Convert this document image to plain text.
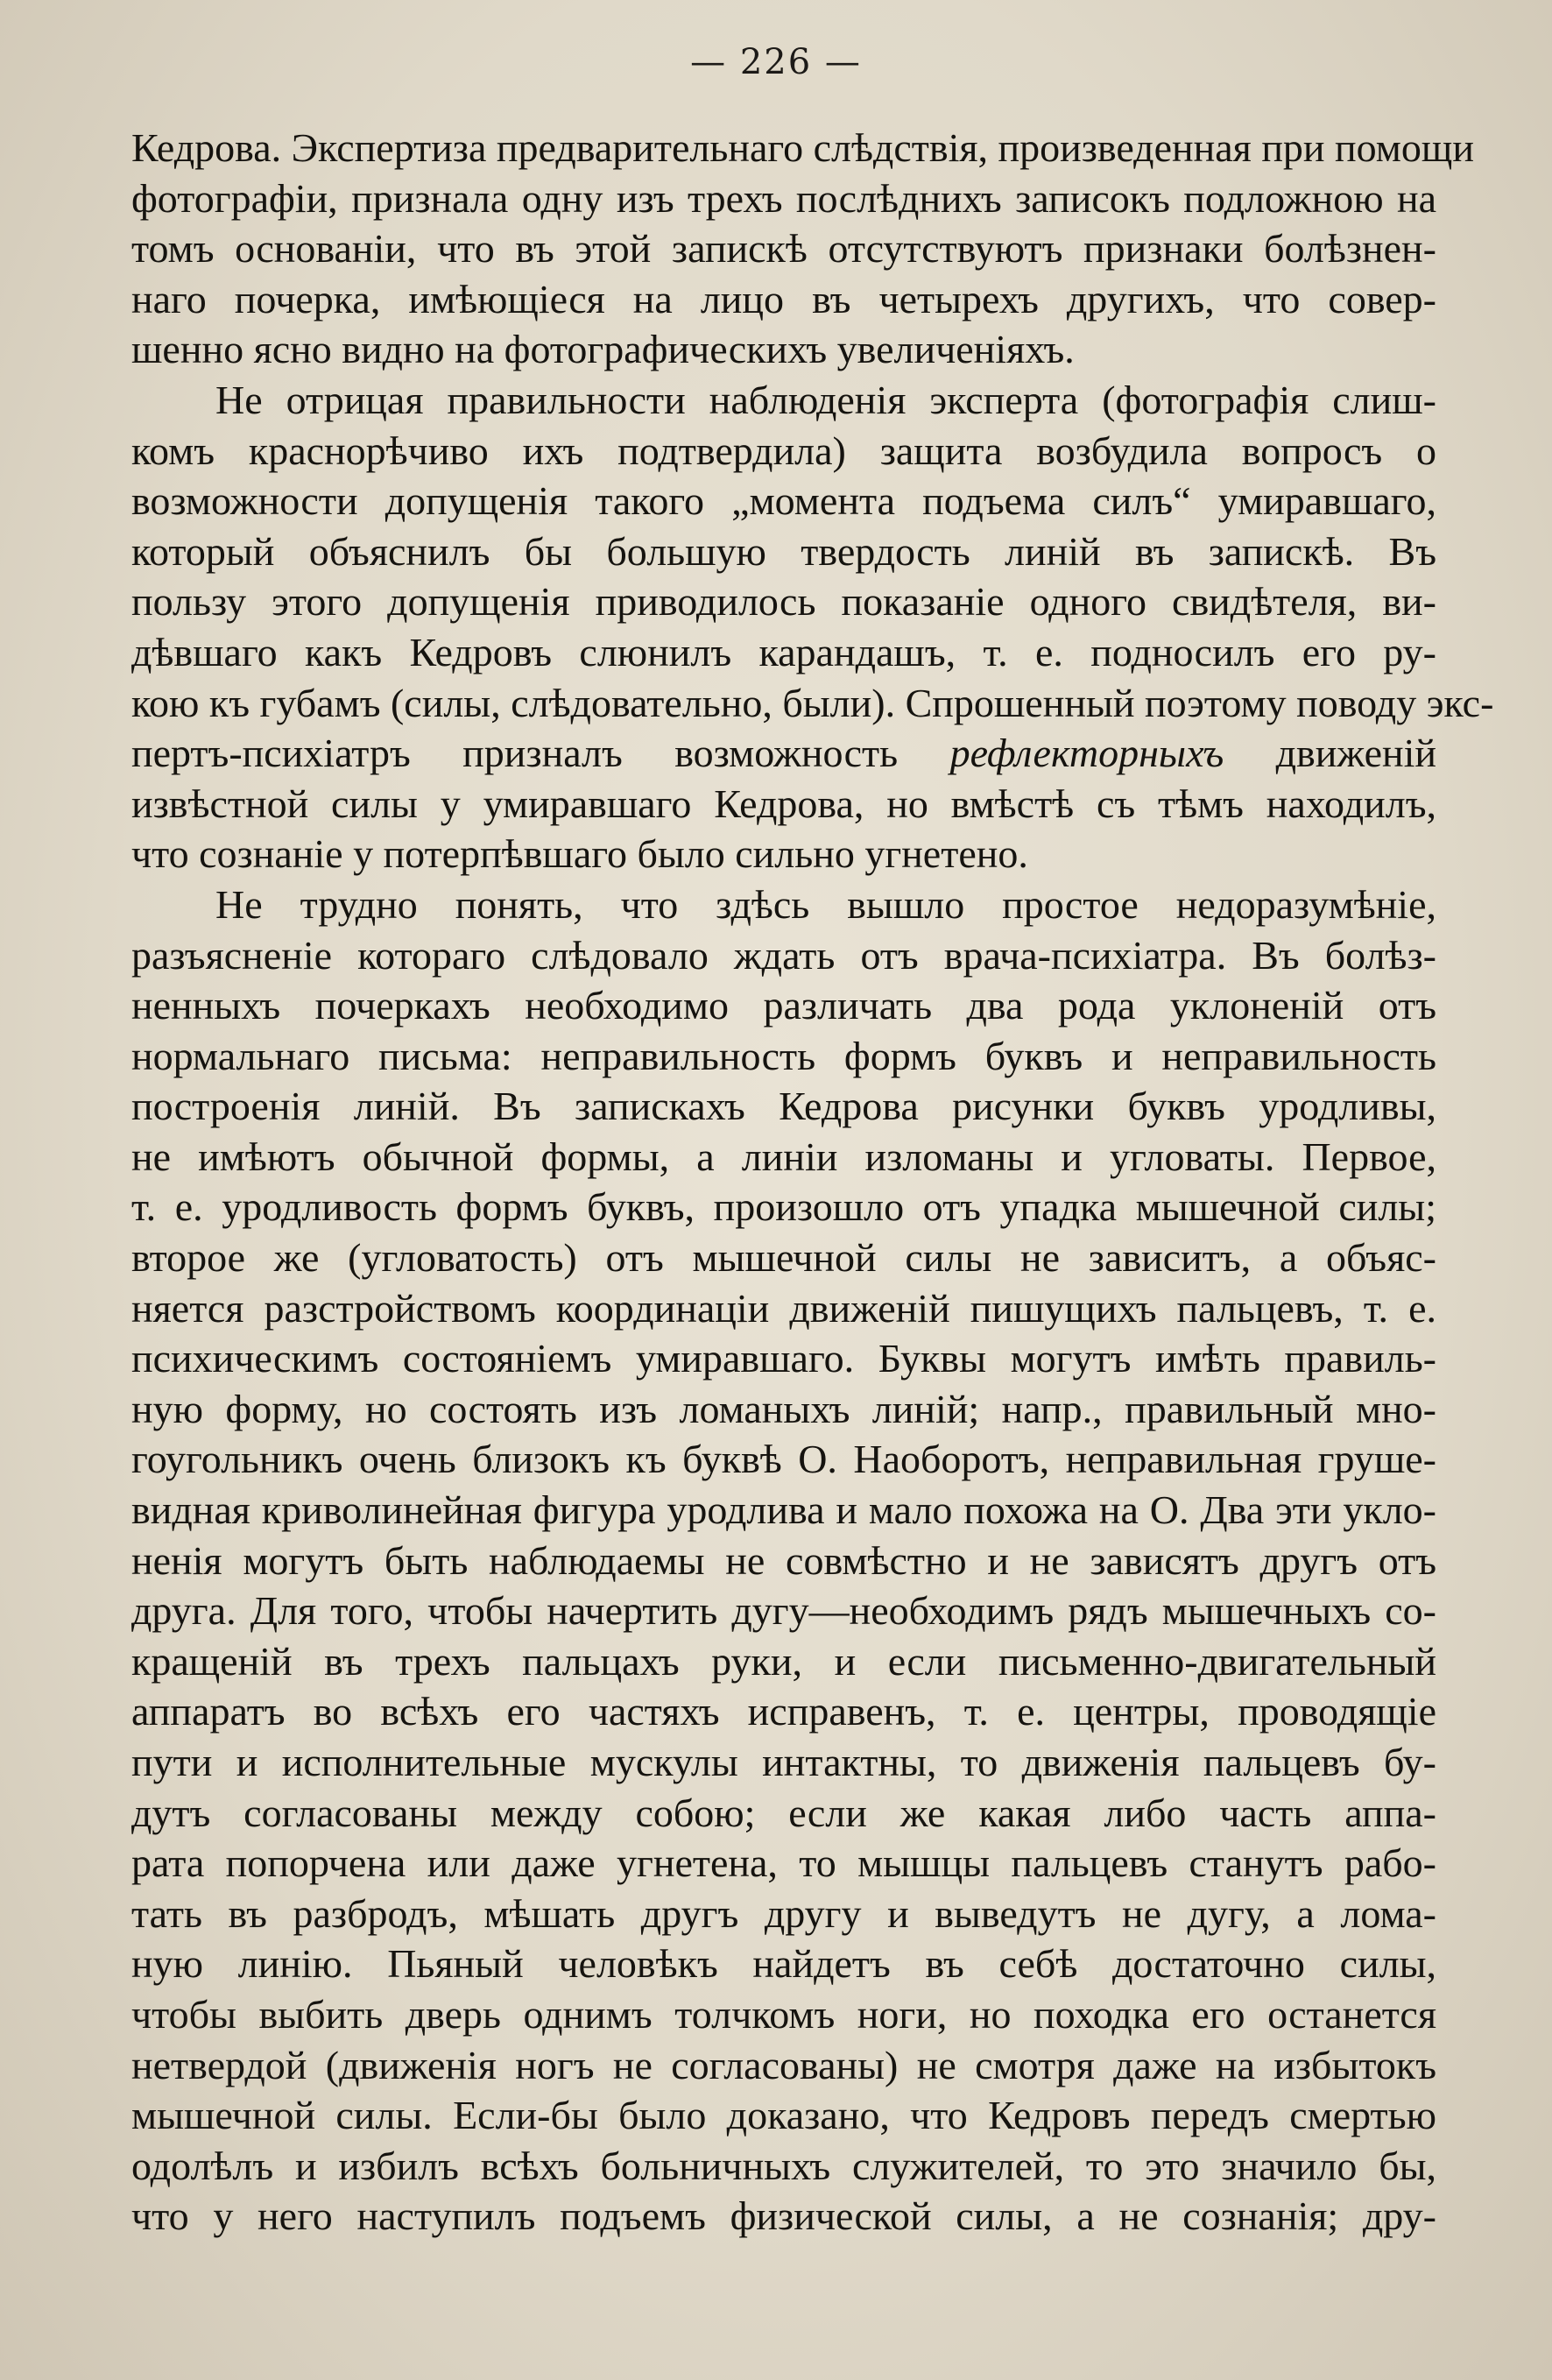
— 226 —
Кедрова. Экспертиза предварительнаго слѣдствія, произведенная при помощи
фотографіи, признала одну изъ трехъ послѣднихъ записокъ подложною на
томъ основаніи, что въ этой запискѣ отсутствуютъ признаки болѣзнен-
наго почерка, имѣющіеся на лицо въ четырехъ другихъ, что совер-
шенно ясно видно на фотографическихъ увеличеніяхъ.
Не отрицая правильности наблюденія эксперта (фотографія слиш-
комъ краснорѣчиво ихъ подтвердила) защита возбудила вопросъ о
возможности допущенія такого „момента подъема силъ“ умиравшаго,
который объяснилъ бы большую твердость линій въ запискѣ. Въ
пользу этого допущенія приводилось показаніе одного свидѣтеля, ви-
дѣвшаго какъ Кедровъ слюнилъ карандашъ, т. е. подносилъ его ру-
кою къ губамъ (силы, слѣдовательно, были). Спрошенный поэтому поводу экс-
пертъ-психіатръ призналъ возможность рефлекторныхъ движеній
извѣстной силы у умиравшаго Кедрова, но вмѣстѣ съ тѣмъ находилъ,
что сознаніе у потерпѣвшаго было сильно угнетено.
Не трудно понять, что здѣсь вышло простое недоразумѣніе,
разъясненіе котораго слѣдовало ждать отъ врача-психіатра. Въ болѣз-
ненныхъ почеркахъ необходимо различать два рода уклоненій отъ
нормальнаго письма: неправильность формъ буквъ и неправильность
построенія линій. Въ запискахъ Кедрова рисунки буквъ уродливы,
не имѣютъ обычной формы, а линіи изломаны и угловаты. Первое,
т. е. уродливость формъ буквъ, произошло отъ упадка мышечной силы;
второе же (угловатость) отъ мышечной силы не зависитъ, а объяс-
няется разстройствомъ координаціи движеній пишущихъ пальцевъ, т. е.
психическимъ состояніемъ умиравшаго. Буквы могутъ имѣть правиль-
ную форму, но состоять изъ ломаныхъ линій; напр., правильный мно-
гоугольникъ очень близокъ къ буквѣ О. Наоборотъ, неправильная груше-
видная криволинейная фигура уродлива и мало похожа на О. Два эти укло-
ненія могутъ быть наблюдаемы не совмѣстно и не зависятъ другъ отъ
друга. Для того, чтобы начертить дугу—необходимъ рядъ мышечныхъ со-
кращеній въ трехъ пальцахъ руки, и если письменно-двигательный
аппаратъ во всѣхъ его частяхъ исправенъ, т. е. центры, проводящіе
пути и исполнительные мускулы интактны, то движенія пальцевъ бу-
дутъ согласованы между собою; если же какая либо часть аппа-
рата попорчена или даже угнетена, то мышцы пальцевъ станутъ рабо-
тать въ разбродъ, мѣшать другъ другу и выведутъ не дугу, а лома-
ную линію. Пьяный человѣкъ найдетъ въ себѣ достаточно силы,
чтобы выбить дверь однимъ толчкомъ ноги, но походка его останется
нетвердой (движенія ногъ не согласованы) не смотря даже на избытокъ
мышечной силы. Если-бы было доказано, что Кедровъ передъ смертью
одолѣлъ и избилъ всѣхъ больничныхъ служителей, то это значило бы,
что у него наступилъ подъемъ физической силы, а не сознанія; дру-
